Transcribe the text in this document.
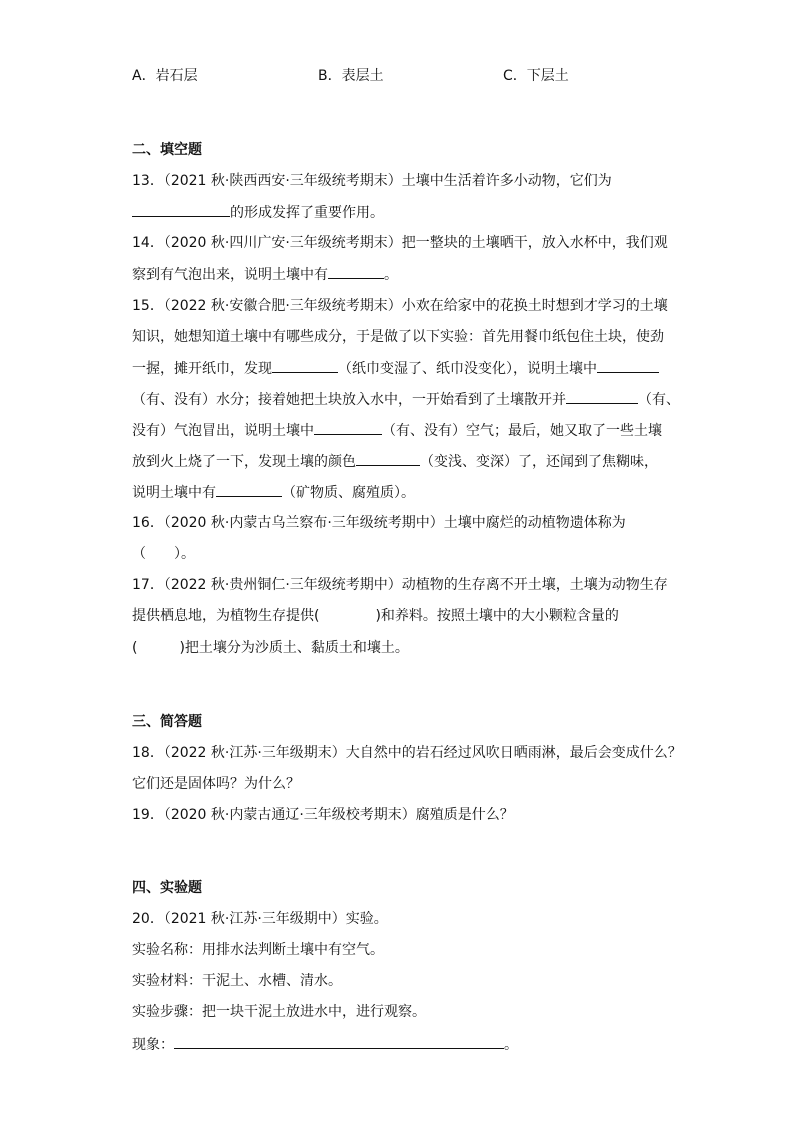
A．岩石层	B．表层土	C．下层土
二、填空题
13．（2021 秋·陕西西安·三年级统考期末）土壤中生活着许多小动物，它们为
的形成发挥了重要作用。
14．（2020 秋·四川广安·三年级统考期末）把一整块的土壤晒干，放入水杯中，我们观
察到有气泡出来，说明土壤中有	。
15．（2022 秋·安徽合肥·三年级统考期末）小欢在给家中的花换土时想到才学习的土壤
知识，她想知道土壤中有哪些成分，于是做了以下实验：首先用餐巾纸包住土块，使劲
一握，摊开纸巾，发现	（纸巾变湿了、纸巾没变化），说明土壤中
（有、没有）水分；接着她把土块放入水中，一开始看到了土壤散开并	（有、
没有）气泡冒出，说明土壤中	（有、没有）空气；最后，她又取了一些土壤
放到火上烧了一下，发现土壤的颜色	（变浅、变深）了，还闻到了焦糊味，
说明土壤中有	（矿物质、腐殖质）。
16．（2020 秋·内蒙古乌兰察布·三年级统考期中）土壤中腐烂的动植物遗体称为
（　　）。
17．（2022 秋·贵州铜仁·三年级统考期中）动植物的生存离不开土壤，土壤为动物生存
提供栖息地，为植物生存提供(　　　　)和养料。按照土壤中的大小颗粒含量的
(　　　)把土壤分为沙质土、黏质土和壤土。
三、简答题
18．（2022 秋·江苏·三年级期末）大自然中的岩石经过风吹日晒雨淋，最后会变成什么？
它们还是固体吗？为什么？
19．（2020 秋·内蒙古通辽·三年级校考期末）腐殖质是什么？
四、实验题
20．（2021 秋·江苏·三年级期中）实验。
实验名称：用排水法判断土壤中有空气。
实验材料：干泥土、水槽、清水。
实验步骤：把一块干泥土放进水中，进行观察。
现象：	。
